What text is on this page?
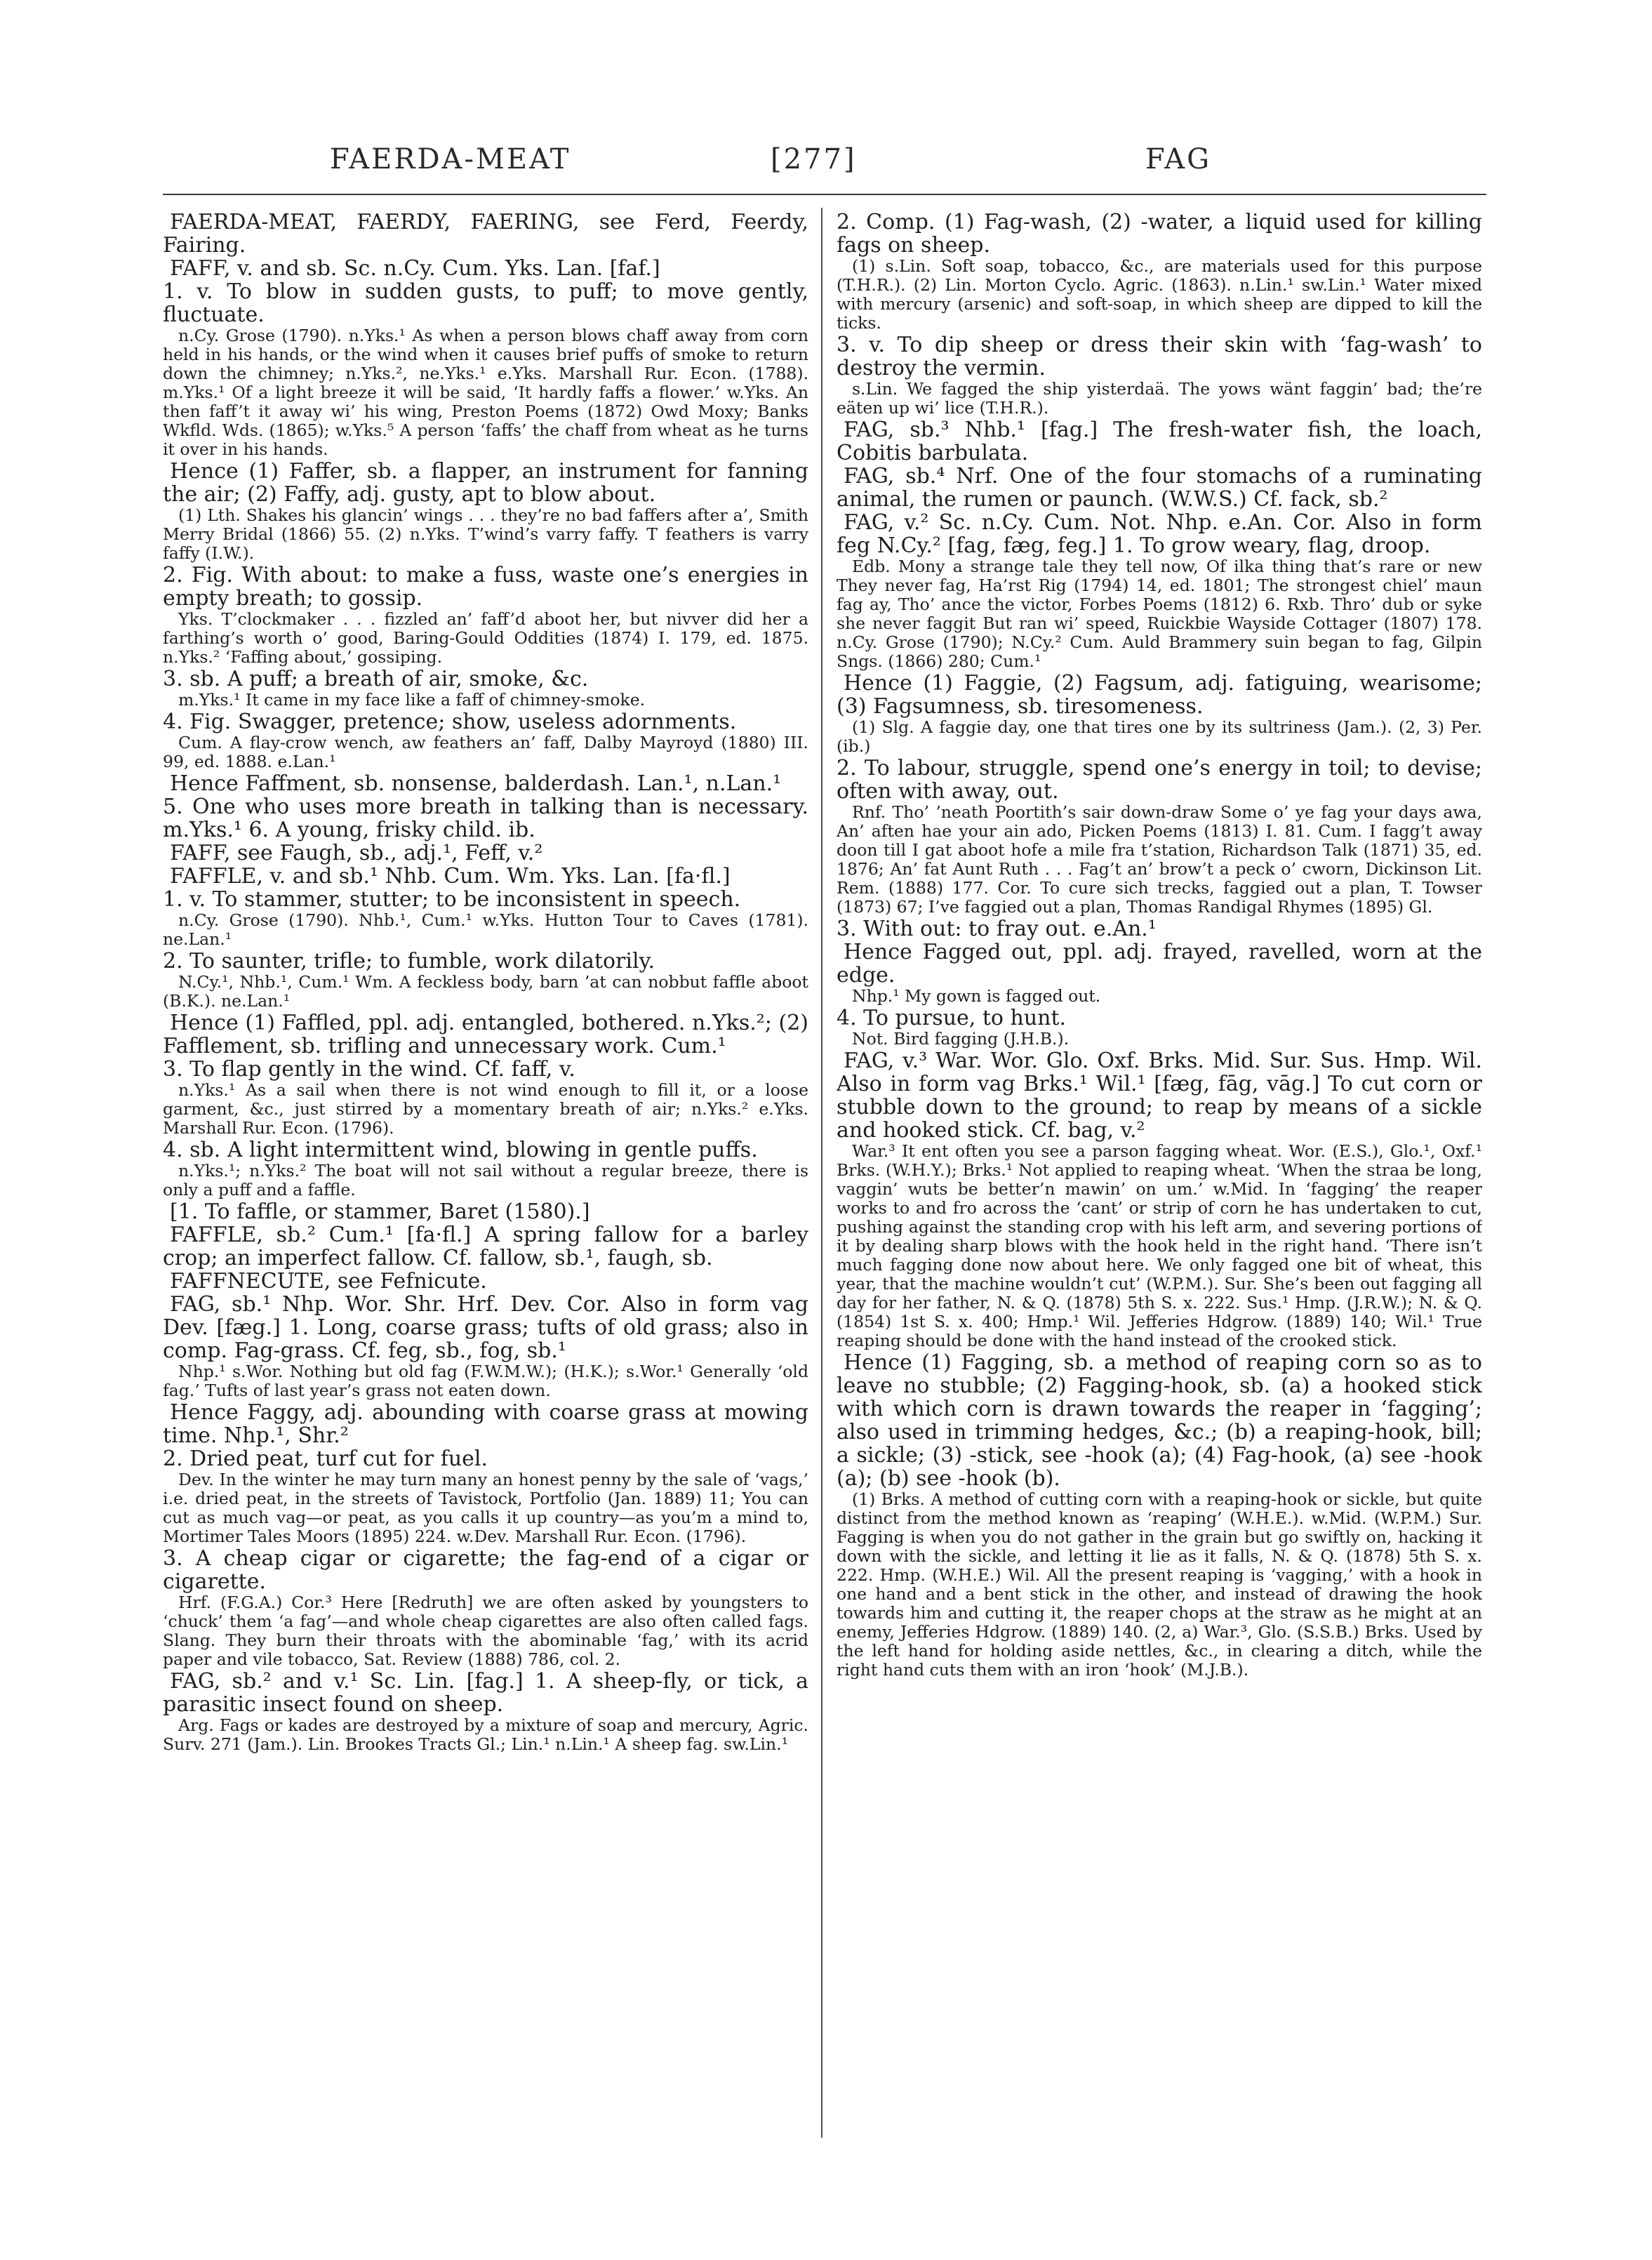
FAERDA-MEAT	[277]	FAG

FAERDA-MEAT, FAERDY, FAERING, see Ferd, Feerdy, Fairing.

FAFF, v. and sb. Sc. n.Cy. Cum. Yks. Lan. [faf.]

1. v. To blow in sudden gusts, to puff; to move gently, fluctuate.

n.Cy. Grose (1790). n.Yks.¹ As when a person blows chaff away from corn held in his hands, or the wind when it causes brief puffs of smoke to return down the chimney; n.Yks.², ne.Yks.¹ e.Yks. Marshall Rur. Econ. (1788). m.Yks.¹ Of a light breeze it will be said, ‘It hardly faffs a flower.’ w.Yks. An then faff’t it away wi’ his wing, Preston Poems (1872) Owd Moxy; Banks Wkfld. Wds. (1865); w.Yks.⁵ A person ‘faffs’ the chaff from wheat as he turns it over in his hands.

Hence (1) Faffer, sb. a flapper, an instrument for fanning the air; (2) Faffy, adj. gusty, apt to blow about.

(1) Lth. Shakes his glancin’ wings . . . they’re no bad faffers after a’, Smith Merry Bridal (1866) 55. (2) n.Yks. T’wind’s varry faffy. T feathers is varry faffy (I.W.).

2. Fig. With about: to make a fuss, waste one’s energies in empty breath; to gossip.

Yks. T’clockmaker . . . fizzled an’ faff’d aboot her, but nivver did her a farthing’s worth o’ good, Baring-Gould Oddities (1874) I. 179, ed. 1875. n.Yks.² ‘Faffing about,’ gossiping.

3. sb. A puff; a breath of air, smoke, &c.

m.Yks.¹ It came in my face like a faff of chimney-smoke.

4. Fig. Swagger, pretence; show, useless adornments.

Cum. A flay-crow wench, aw feathers an’ faff, Dalby Mayroyd (1880) III. 99, ed. 1888. e.Lan.¹

Hence Faffment, sb. nonsense, balderdash. Lan.¹, n.Lan.¹

5. One who uses more breath in talking than is necessary. m.Yks.¹ 6. A young, frisky child. ib.

FAFF, see Faugh, sb., adj.¹, Feff, v.²

FAFFLE, v. and sb.¹ Nhb. Cum. Wm. Yks. Lan. [fa·fl.]

1. v. To stammer, stutter; to be inconsistent in speech.

n.Cy. Grose (1790). Nhb.¹, Cum.¹ w.Yks. Hutton Tour to Caves (1781). ne.Lan.¹

2. To saunter, trifle; to fumble, work dilatorily.

N.Cy.¹, Nhb.¹, Cum.¹ Wm. A feckless body, barn ’at can nobbut faffle aboot (B.K.). ne.Lan.¹

Hence (1) Faffled, ppl. adj. entangled, bothered. n.Yks.²; (2) Fafflement, sb. trifling and unnecessary work. Cum.¹

3. To flap gently in the wind. Cf. faff, v.

n.Yks.¹ As a sail when there is not wind enough to fill it, or a loose garment, &c., just stirred by a momentary breath of air; n.Yks.² e.Yks. Marshall Rur. Econ. (1796).

4. sb. A light intermittent wind, blowing in gentle puffs.

n.Yks.¹; n.Yks.² The boat will not sail without a regular breeze, there is only a puff and a faffle.

[1. To faffle, or stammer, Baret (1580).]

FAFFLE, sb.² Cum.¹ [fa·fl.] A spring fallow for a barley crop; an imperfect fallow. Cf. fallow, sb.¹, faugh, sb.

FAFFNECUTE, see Fefnicute.

FAG, sb.¹ Nhp. Wor. Shr. Hrf. Dev. Cor. Also in form vag Dev. [fæg.] 1. Long, coarse grass; tufts of old grass; also in comp. Fag-grass. Cf. feg, sb., fog, sb.¹

Nhp.¹ s.Wor. Nothing but old fag (F.W.M.W.); (H.K.); s.Wor.¹ Generally ‘old fag.’ Tufts of last year’s grass not eaten down.

Hence Faggy, adj. abounding with coarse grass at mowing time. Nhp.¹, Shr.²

2. Dried peat, turf cut for fuel.

Dev. In the winter he may turn many an honest penny by the sale of ‘vags,’ i.e. dried peat, in the streets of Tavistock, Portfolio (Jan. 1889) 11; You can cut as much vag—or peat, as you calls it up country—as you’m a mind to, Mortimer Tales Moors (1895) 224. w.Dev. Marshall Rur. Econ. (1796).

3. A cheap cigar or cigarette; the fag-end of a cigar or cigarette.

Hrf. (F.G.A.) Cor.³ Here [Redruth] we are often asked by youngsters to ‘chuck’ them ‘a fag’—and whole cheap cigarettes are also often called fags. Slang. They burn their throats with the abominable ‘fag,’ with its acrid paper and vile tobacco, Sat. Review (1888) 786, col. 2.

FAG, sb.² and v.¹ Sc. Lin. [fag.] 1. A sheep-fly, or tick, a parasitic insect found on sheep.

Arg. Fags or kades are destroyed by a mixture of soap and mercury, Agric. Surv. 271 (Jam.). Lin. Brookes Tracts Gl.; Lin.¹ n.Lin.¹ A sheep fag. sw.Lin.¹

2. Comp. (1) Fag-wash, (2) -water, a liquid used for killing fags on sheep.

(1) s.Lin. Soft soap, tobacco, &c., are materials used for this purpose (T.H.R.). (2) Lin. Morton Cyclo. Agric. (1863). n.Lin.¹ sw.Lin.¹ Water mixed with mercury (arsenic) and soft-soap, in which sheep are dipped to kill the ticks.

3. v. To dip sheep or dress their skin with ‘fag-wash’ to destroy the vermin.

s.Lin. We fagged the ship yisterdaä. The yows wänt faggin’ bad; the’re eäten up wi’ lice (T.H.R.).

FAG, sb.³ Nhb.¹ [fag.] The fresh-water fish, the loach, Cobitis barbulata.

FAG, sb.⁴ Nrf. One of the four stomachs of a ruminating animal, the rumen or paunch. (W.W.S.) Cf. fack, sb.²

FAG, v.² Sc. n.Cy. Cum. Not. Nhp. e.An. Cor. Also in form feg N.Cy.² [fag, fæg, feg.] 1. To grow weary, flag, droop.

Edb. Mony a strange tale they tell now, Of ilka thing that’s rare or new They never fag, Ha’rst Rig (1794) 14, ed. 1801; The strongest chiel’ maun fag ay, Tho’ ance the victor, Forbes Poems (1812) 6. Rxb. Thro’ dub or syke she never faggit But ran wi’ speed, Ruickbie Wayside Cottager (1807) 178. n.Cy. Grose (1790); N.Cy.² Cum. Auld Brammery suin began to fag, Gilpin Sngs. (1866) 280; Cum.¹

Hence (1) Faggie, (2) Fagsum, adj. fatiguing, wearisome; (3) Fagsumness, sb. tiresomeness.

(1) Slg. A faggie day, one that tires one by its sultriness (Jam.). (2, 3) Per. (ib.)

2. To labour, struggle, spend one’s energy in toil; to devise; often with away, out.

Rnf. Tho’ ’neath Poortith’s sair down-draw Some o’ ye fag your days awa, An’ aften hae your ain ado, Picken Poems (1813) I. 81. Cum. I fagg’t away doon till I gat aboot hofe a mile fra t’station, Richardson Talk (1871) 35, ed. 1876; An’ fat Aunt Ruth . . . Fag’t an’ brow’t a peck o’ cworn, Dickinson Lit. Rem. (1888) 177. Cor. To cure sich trecks, faggied out a plan, T. Towser (1873) 67; I’ve faggied out a plan, Thomas Randigal Rhymes (1895) Gl.

3. With out: to fray out. e.An.¹

Hence Fagged out, ppl. adj. frayed, ravelled, worn at the edge.

Nhp.¹ My gown is fagged out.

4. To pursue, to hunt.

Not. Bird fagging (J.H.B.).

FAG, v.³ War. Wor. Glo. Oxf. Brks. Mid. Sur. Sus. Hmp. Wil. Also in form vag Brks.¹ Wil.¹ [fæg, fāg, vāg.] To cut corn or stubble down to the ground; to reap by means of a sickle and hooked stick. Cf. bag, v.²

War.³ It ent often you see a parson fagging wheat. Wor. (E.S.), Glo.¹, Oxf.¹ Brks. (W.H.Y.); Brks.¹ Not applied to reaping wheat. ‘When the straa be long, vaggin’ wuts be better’n mawin’ on um.’ w.Mid. In ‘fagging’ the reaper works to and fro across the ‘cant’ or strip of corn he has undertaken to cut, pushing against the standing crop with his left arm, and severing portions of it by dealing sharp blows with the hook held in the right hand. ‘There isn’t much fagging done now about here. We only fagged one bit of wheat, this year, that the machine wouldn’t cut’ (W.P.M.). Sur. She’s been out fagging all day for her father, N. & Q. (1878) 5th S. x. 222. Sus.¹ Hmp. (J.R.W.); N. & Q. (1854) 1st S. x. 400; Hmp.¹ Wil. Jefferies Hdgrow. (1889) 140; Wil.¹ True reaping should be done with the hand instead of the crooked stick.

Hence (1) Fagging, sb. a method of reaping corn so as to leave no stubble; (2) Fagging-hook, sb. (a) a hooked stick with which corn is drawn towards the reaper in ‘fagging’; also used in trimming hedges, &c.; (b) a reaping-hook, bill; a sickle; (3) -stick, see -hook (a); (4) Fag-hook, (a) see -hook (a); (b) see -hook (b).

(1) Brks. A method of cutting corn with a reaping-hook or sickle, but quite distinct from the method known as ‘reaping’ (W.H.E.). w.Mid. (W.P.M.) Sur. Fagging is when you do not gather in the grain but go swiftly on, hacking it down with the sickle, and letting it lie as it falls, N. & Q. (1878) 5th S. x. 222. Hmp. (W.H.E.) Wil. All the present reaping is ‘vagging,’ with a hook in one hand and a bent stick in the other, and instead of drawing the hook towards him and cutting it, the reaper chops at the straw as he might at an enemy, Jefferies Hdgrow. (1889) 140. (2, a) War.³, Glo. (S.S.B.) Brks. Used by the left hand for holding aside nettles, &c., in clearing a ditch, while the right hand cuts them with an iron ‘hook’ (M.J.B.).
